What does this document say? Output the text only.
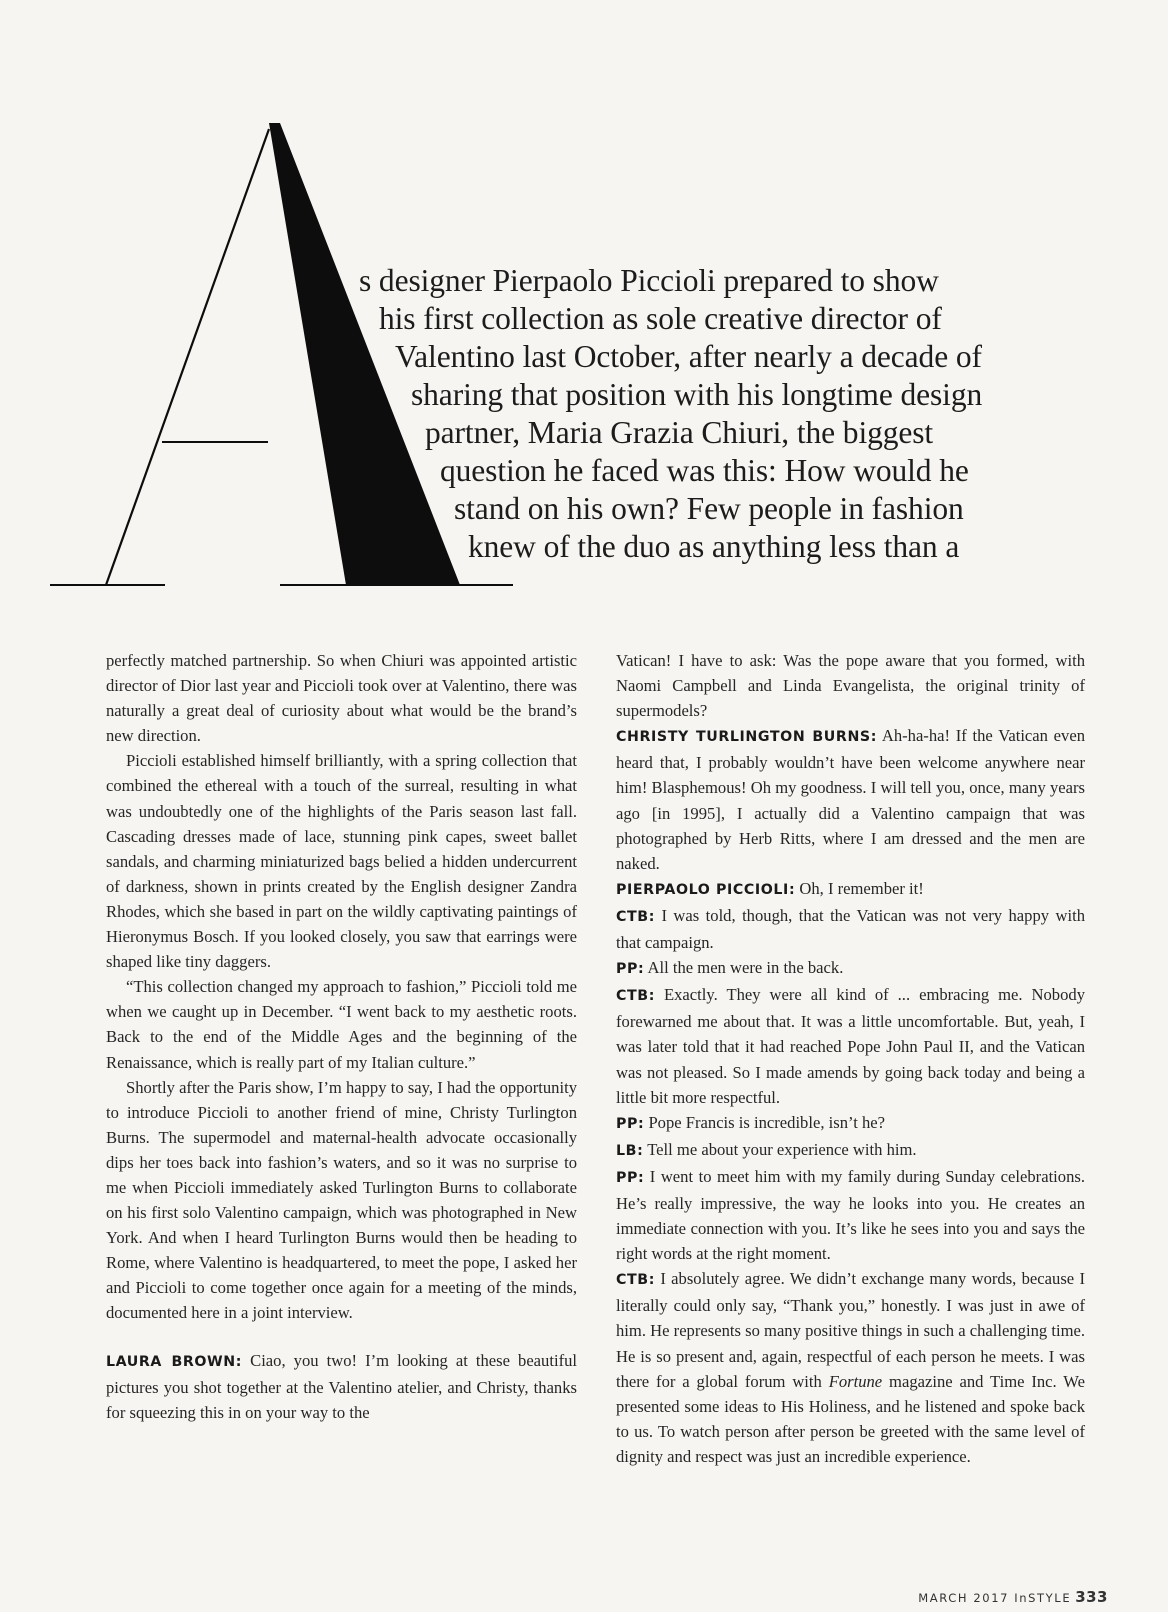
s designer Pierpaolo Piccioli prepared to show
his first collection as sole creative director of
Valentino last October, after nearly a decade of
sharing that position with his longtime design
partner, Maria Grazia Chiuri, the biggest
question he faced was this: How would he
stand on his own? Few people in fashion
knew of the duo as anything less than a

perfectly matched partnership. So when Chiuri was appointed artistic director of Dior last year and Piccioli took over at Valentino, there was naturally a great deal of curiosity about what would be the brand’s new direction.

Piccioli established himself brilliantly, with a spring collection that combined the ethereal with a touch of the surreal, resulting in what was undoubtedly one of the highlights of the Paris season last fall. Cascading dresses made of lace, stunning pink capes, sweet ballet sandals, and charming miniaturized bags belied a hidden undercurrent of darkness, shown in prints created by the English designer Zandra Rhodes, which she based in part on the wildly captivating paintings of Hieronymus Bosch. If you looked closely, you saw that earrings were shaped like tiny daggers.

“This collection changed my approach to fashion,” Piccioli told me when we caught up in December. “I went back to my aesthetic roots. Back to the end of the Middle Ages and the beginning of the Renaissance, which is really part of my Italian culture.”

Shortly after the Paris show, I’m happy to say, I had the opportunity to introduce Piccioli to another friend of mine, Christy Turlington Burns. The supermodel and maternal-health advocate occasionally dips her toes back into fashion’s waters, and so it was no surprise to me when Piccioli immediately asked Turlington Burns to collaborate on his first solo Valentino campaign, which was photographed in New York. And when I heard Turlington Burns would then be heading to Rome, where Valentino is headquartered, to meet the pope, I asked her and Piccioli to come together once again for a meeting of the minds, documented here in a joint interview.

LAURA BROWN: Ciao, you two! I’m looking at these beautiful pictures you shot together at the Valentino atelier, and Christy, thanks for squeezing this in on your way to the

Vatican! I have to ask: Was the pope aware that you formed, with Naomi Campbell and Linda Evangelista, the original trinity of supermodels?

CHRISTY TURLINGTON BURNS: Ah-ha-ha! If the Vatican even heard that, I probably wouldn’t have been welcome anywhere near him! Blasphemous! Oh my goodness. I will tell you, once, many years ago [in 1995], I actually did a Valentino campaign that was photographed by Herb Ritts, where I am dressed and the men are naked.

PIERPAOLO PICCIOLI: Oh, I remember it!

CTB: I was told, though, that the Vatican was not very happy with that campaign.

PP: All the men were in the back.

CTB: Exactly. They were all kind of ... embracing me. Nobody forewarned me about that. It was a little uncomfortable. But, yeah, I was later told that it had reached Pope John Paul II, and the Vatican was not pleased. So I made amends by going back today and being a little bit more respectful.

PP: Pope Francis is incredible, isn’t he?

LB: Tell me about your experience with him.

PP: I went to meet him with my family during Sunday celebrations. He’s really impressive, the way he looks into you. He creates an immediate connection with you. It’s like he sees into you and says the right words at the right moment.

CTB: I absolutely agree. We didn’t exchange many words, because I literally could only say, “Thank you,” honestly. I was just in awe of him. He represents so many positive things in such a challenging time. He is so present and, again, respectful of each person he meets. I was there for a global forum with Fortune magazine and Time Inc. We presented some ideas to His Holiness, and he listened and spoke back to us. To watch person after person be greeted with the same level of dignity and respect was just an incredible experience.

MARCH 2017 InSTYLE 333
